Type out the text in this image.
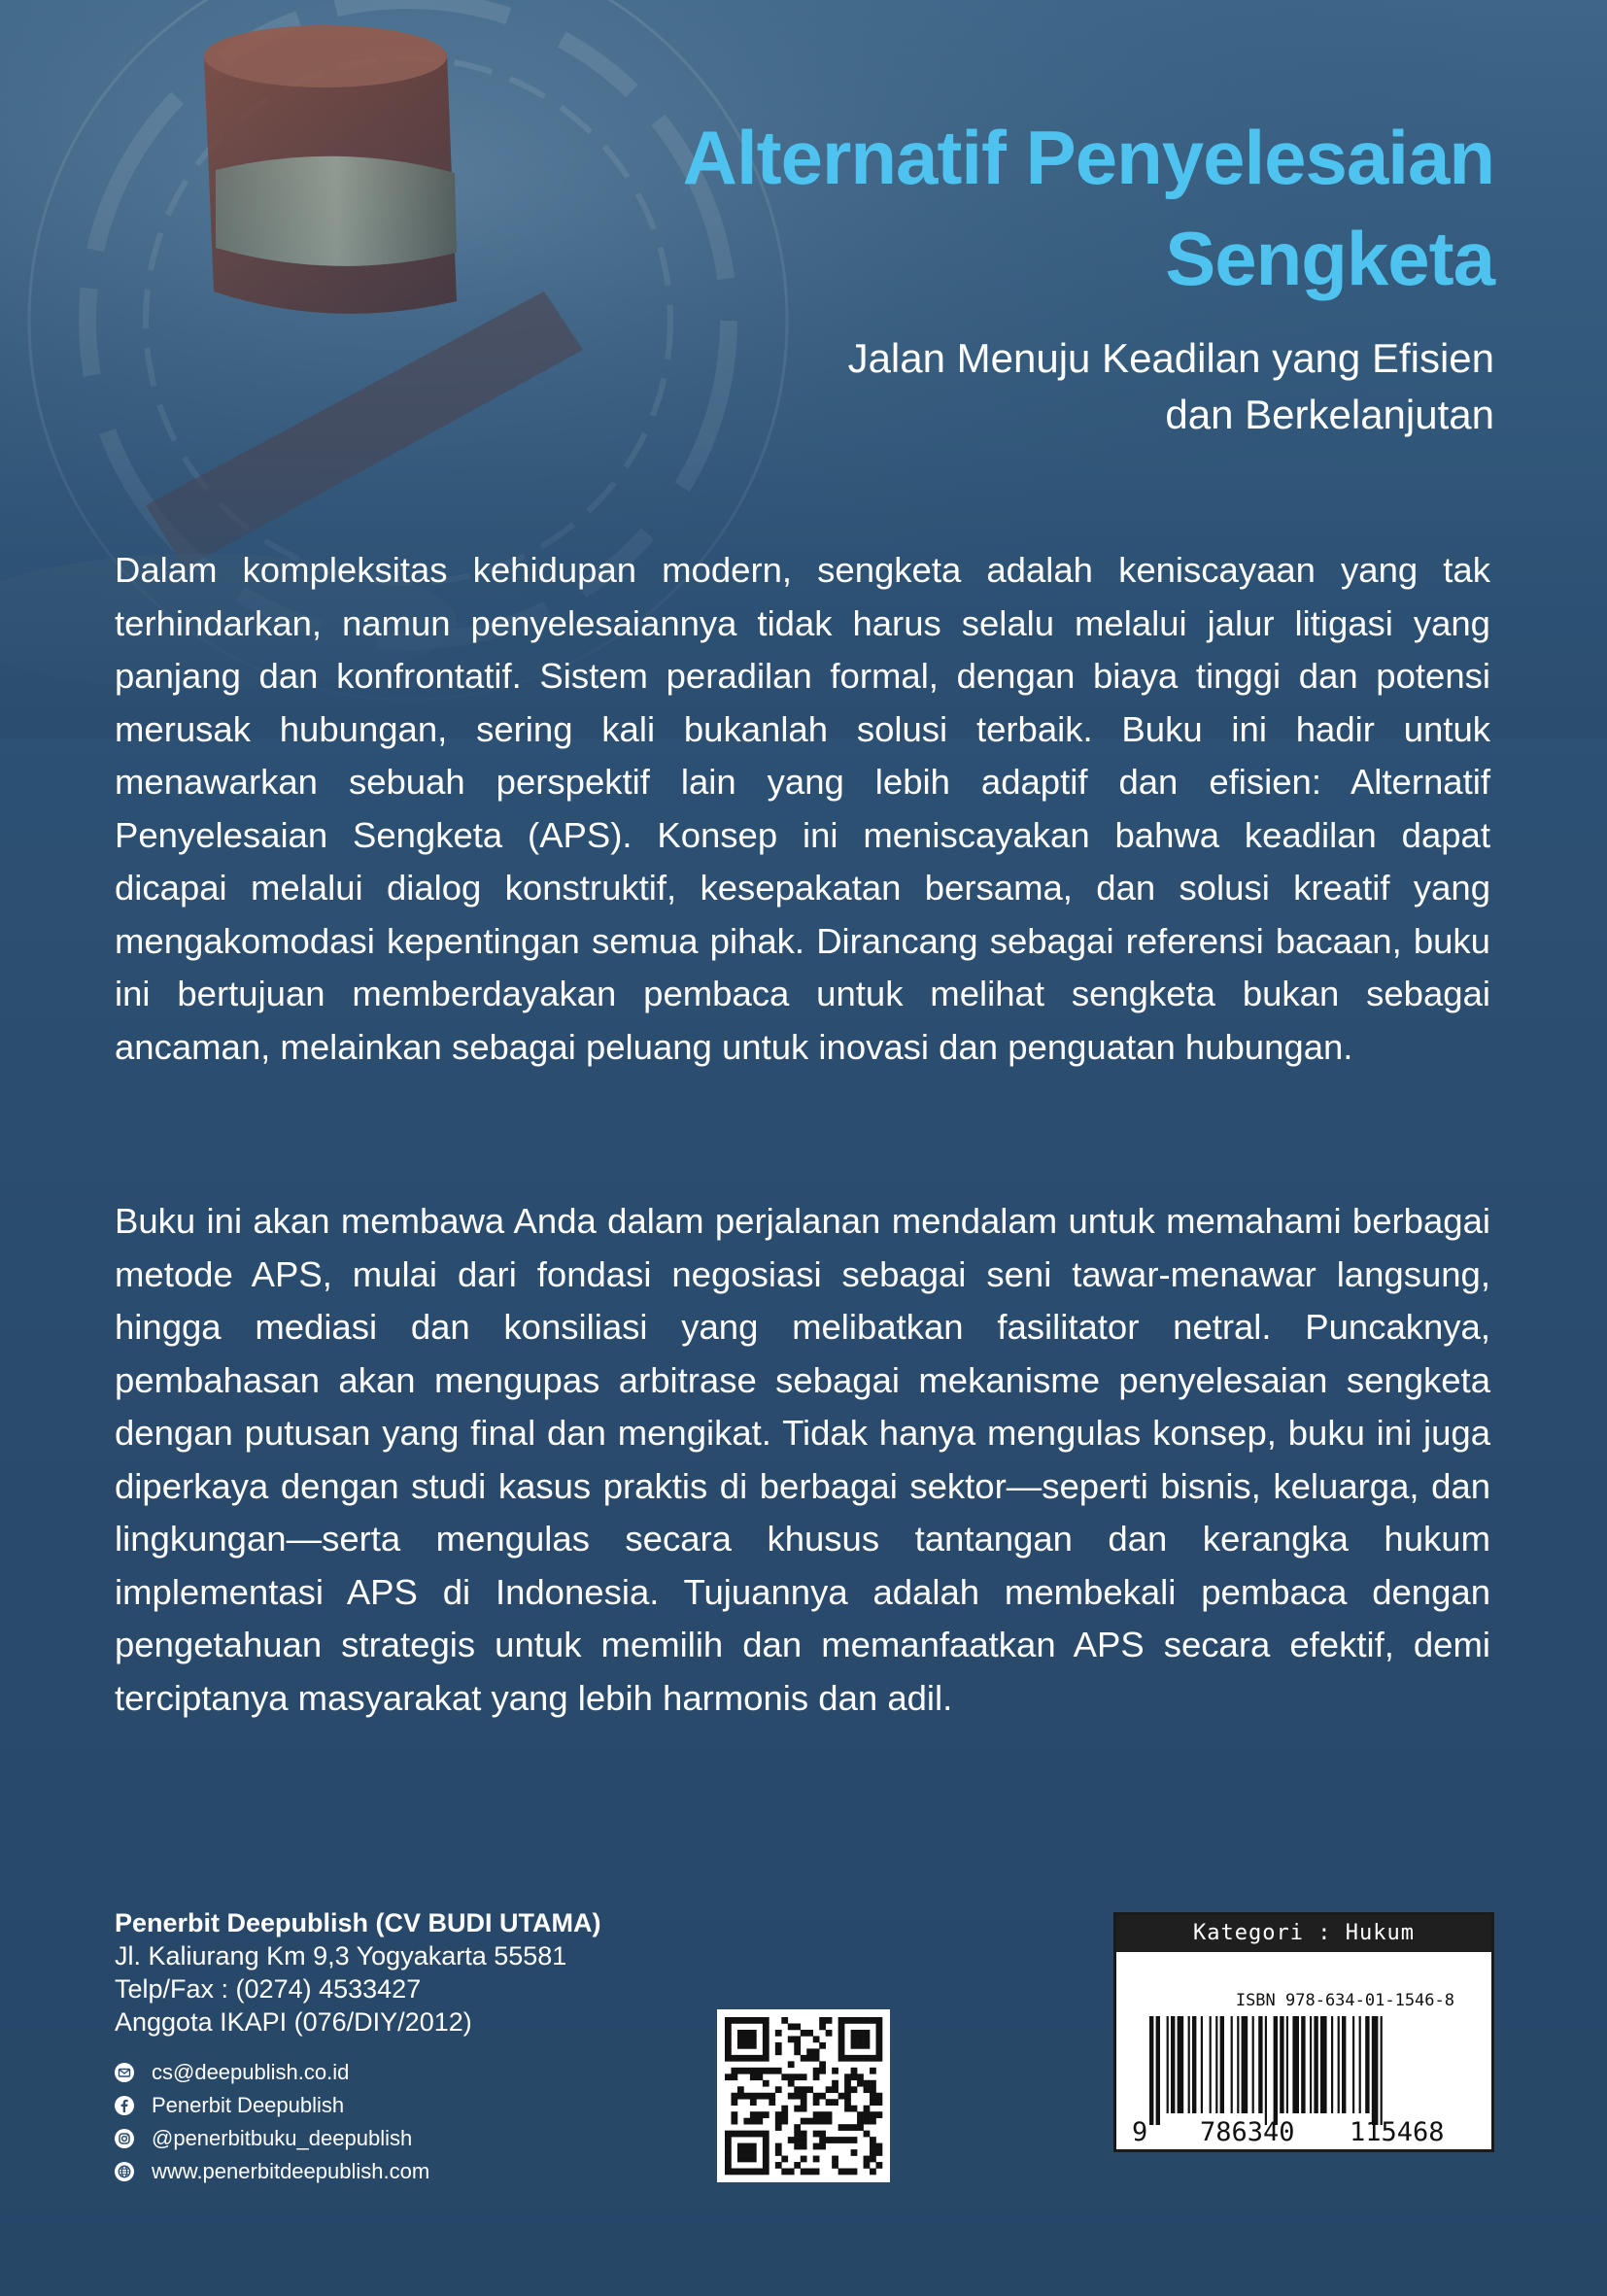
Alternatif Penyelesaian
Sengketa

Jalan Menuju Keadilan yang Efisien
dan Berkelanjutan

Dalam kompleksitas kehidupan modern, sengketa adalah keniscayaan yang tak terhindarkan, namun penyelesaiannya tidak harus selalu melalui jalur litigasi yang panjang dan konfrontatif. Sistem peradilan formal, dengan biaya tinggi dan potensi merusak hubungan, sering kali bukanlah solusi terbaik. Buku ini hadir untuk menawarkan sebuah perspektif lain yang lebih adaptif dan efisien: Alternatif Penyelesaian Sengketa (APS). Konsep ini meniscayakan bahwa keadilan dapat dicapai melalui dialog konstruktif, kesepakatan bersama, dan solusi kreatif yang mengakomodasi kepentingan semua pihak. Dirancang sebagai referensi bacaan, buku ini bertujuan memberdayakan pembaca untuk melihat sengketa bukan sebagai ancaman, melainkan sebagai peluang untuk inovasi dan penguatan hubungan.

Buku ini akan membawa Anda dalam perjalanan mendalam untuk memahami berbagai metode APS, mulai dari fondasi negosiasi sebagai seni tawar-menawar langsung, hingga mediasi dan konsiliasi yang melibatkan fasilitator netral. Puncaknya, pembahasan akan mengupas arbitrase sebagai mekanisme penyelesaian sengketa dengan putusan yang final dan mengikat. Tidak hanya mengulas konsep, buku ini juga diperkaya dengan studi kasus praktis di berbagai sektor—seperti bisnis, keluarga, dan lingkungan—serta mengulas secara khusus tantangan dan kerangka hukum implementasi APS di Indonesia. Tujuannya adalah membekali pembaca dengan pengetahuan strategis untuk memilih dan memanfaatkan APS secara efektif, demi terciptanya masyarakat yang lebih harmonis dan adil.

Penerbit Deepublish (CV BUDI UTAMA)
Jl. Kaliurang Km 9,3 Yogyakarta 55581
Telp/Fax : (0274) 4533427
Anggota IKAPI (076/DIY/2012)
cs@deepublish.co.id
Penerbit Deepublish
@penerbitbuku_deepublish
www.penerbitdeepublish.com
Kategori : Hukum
ISBN 978-634-01-1546-8
9 786340 115468
